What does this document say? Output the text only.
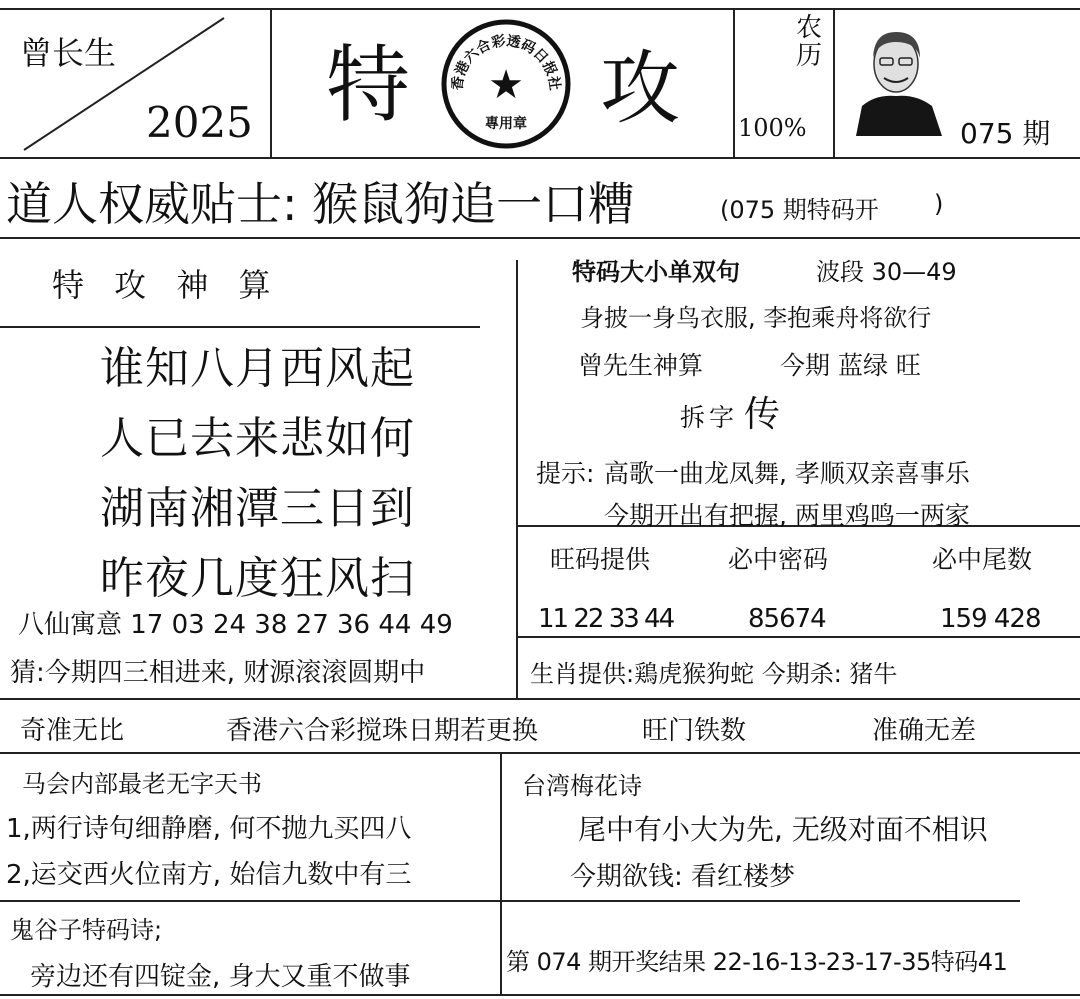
曾长生
2025 特 攻
香港六合彩透码日报社
★
專用章
农历
100%	075 期
道人权威贴士: 猴鼠狗追一口糟	(075 期特码开 )
特 攻 神 算
谁知八月西风起
人已去来悲如何
湖南湘潭三日到
昨夜几度狂风扫
八仙寓意 17 03 24 38 27 36 44 49
猜:今期四三相进来, 财源滚滚圆期中
特码大小单双句	波段 30—49
身披一身鸟衣服, 李抱乘舟将欲行
曾先生神算	今期 蓝绿 旺
拆字 传
提示: 高歌一曲龙凤舞, 孝顺双亲喜事乐
今期开出有把握, 两里鸡鸣一两家
旺码提供	必中密码	必中尾数
11 22 33 44	85674	159 428
生肖提供:鶏虎猴狗蛇 今期杀: 猪牛
奇准无比	香港六合彩搅珠日期若更换	旺门铁数	准确无差
马会内部最老无字天书
1,两行诗句细静磨, 何不抛九买四八
2,运交西火位南方, 始信九数中有三
鬼谷子特码诗;
旁边还有四锭金, 身大又重不做事
台湾梅花诗
尾中有小大为先, 无级对面不相识
今期欲钱: 看红楼梦
第 074 期开奖结果 22-16-13-23-17-35特码41
